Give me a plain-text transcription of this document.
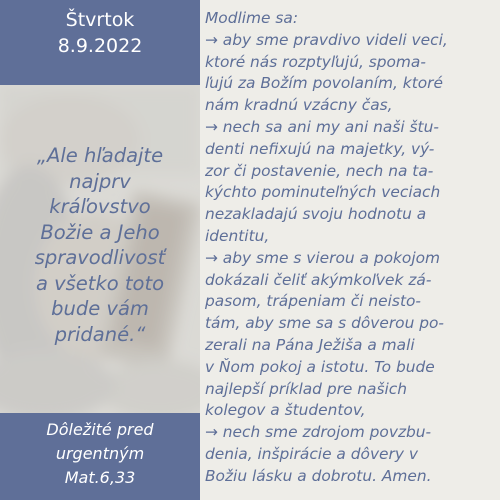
Štvrtok
8.9.2022
„Ale hľadajte
najprv
kráľovstvo
Božie a Jeho
spravodlivosť
a všetko toto
bude vám
pridané.“
Dôležité pred
urgentným
Mat.6,33
Modlime sa:
→ aby sme pravdivo videli veci,
ktoré nás rozptyľujú, spoma-
ľujú za Božím povolaním, ktoré
nám kradnú vzácny čas,
→ nech sa ani my ani naši štu-
denti nefixujú na majetky, vý-
zor či postavenie, nech na ta-
kýchto pominuteľných veciach
nezakladajú svoju hodnotu a
identitu,
→ aby sme s vierou a pokojom
dokázali čeliť akýmkoľvek zá-
pasom, trápeniam či neisto-
tám, aby sme sa s dôverou po-
zerali na Pána Ježiša a mali
v Ňom pokoj a istotu. To bude
najlepší príklad pre našich
kolegov a študentov,
→ nech sme zdrojom povzbu-
denia, inšpirácie a dôvery v
Božiu lásku a dobrotu. Amen.
